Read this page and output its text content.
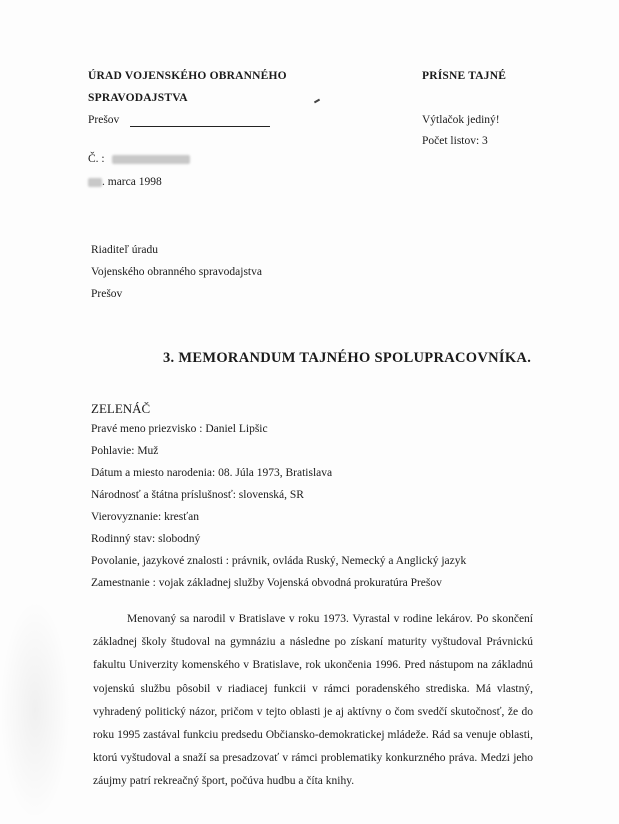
ÚRAD VOJENSKÉHO OBRANNÉHO
SPRAVODAJSTVA
Prešov
PRÍSNE TAJNÉ
Výtlačok jediný!
Počet listov: 3
Č. :
. marca 1998
Riaditeľ úradu
Vojenského obranného spravodajstva
Prešov
3. MEMORANDUM TAJNÉHO SPOLUPRACOVNÍKA.
ZELENÁČ
Pravé meno priezvisko : Daniel Lipšic
Pohlavie: Muž
Dátum a miesto narodenia: 08. Júla 1973, Bratislava
Národnosť a štátna príslušnosť: slovenská, SR
Vierovyznanie: kresťan
Rodinný stav: slobodný
Povolanie, jazykové znalosti : právnik, ovláda Ruský, Nemecký a Anglický jazyk
Zamestnanie : vojak základnej služby Vojenská obvodná prokuratúra Prešov

Menovaný sa narodil v Bratislave v roku 1973. Vyrastal v rodine lekárov. Po skončení základnej školy študoval na gymnáziu a následne po získaní maturity vyštudoval Právnickú fakultu Univerzity komenského v Bratislave, rok ukončenia 1996. Pred nástupom na základnú vojenskú službu pôsobil v riadiacej funkcii v rámci poradenského strediska. Má vlastný, vyhradený politický názor, pričom v tejto oblasti je aj aktívny o čom svedčí skutočnosť, že do roku 1995 zastával funkciu predsedu Občiansko-demokratickej mládeže. Rád sa venuje oblasti, ktorú vyštudoval a snaží sa presadzovať v rámci problematiky konkurzného práva. Medzi jeho záujmy patrí rekreačný šport, počúva hudbu a číta knihy.
